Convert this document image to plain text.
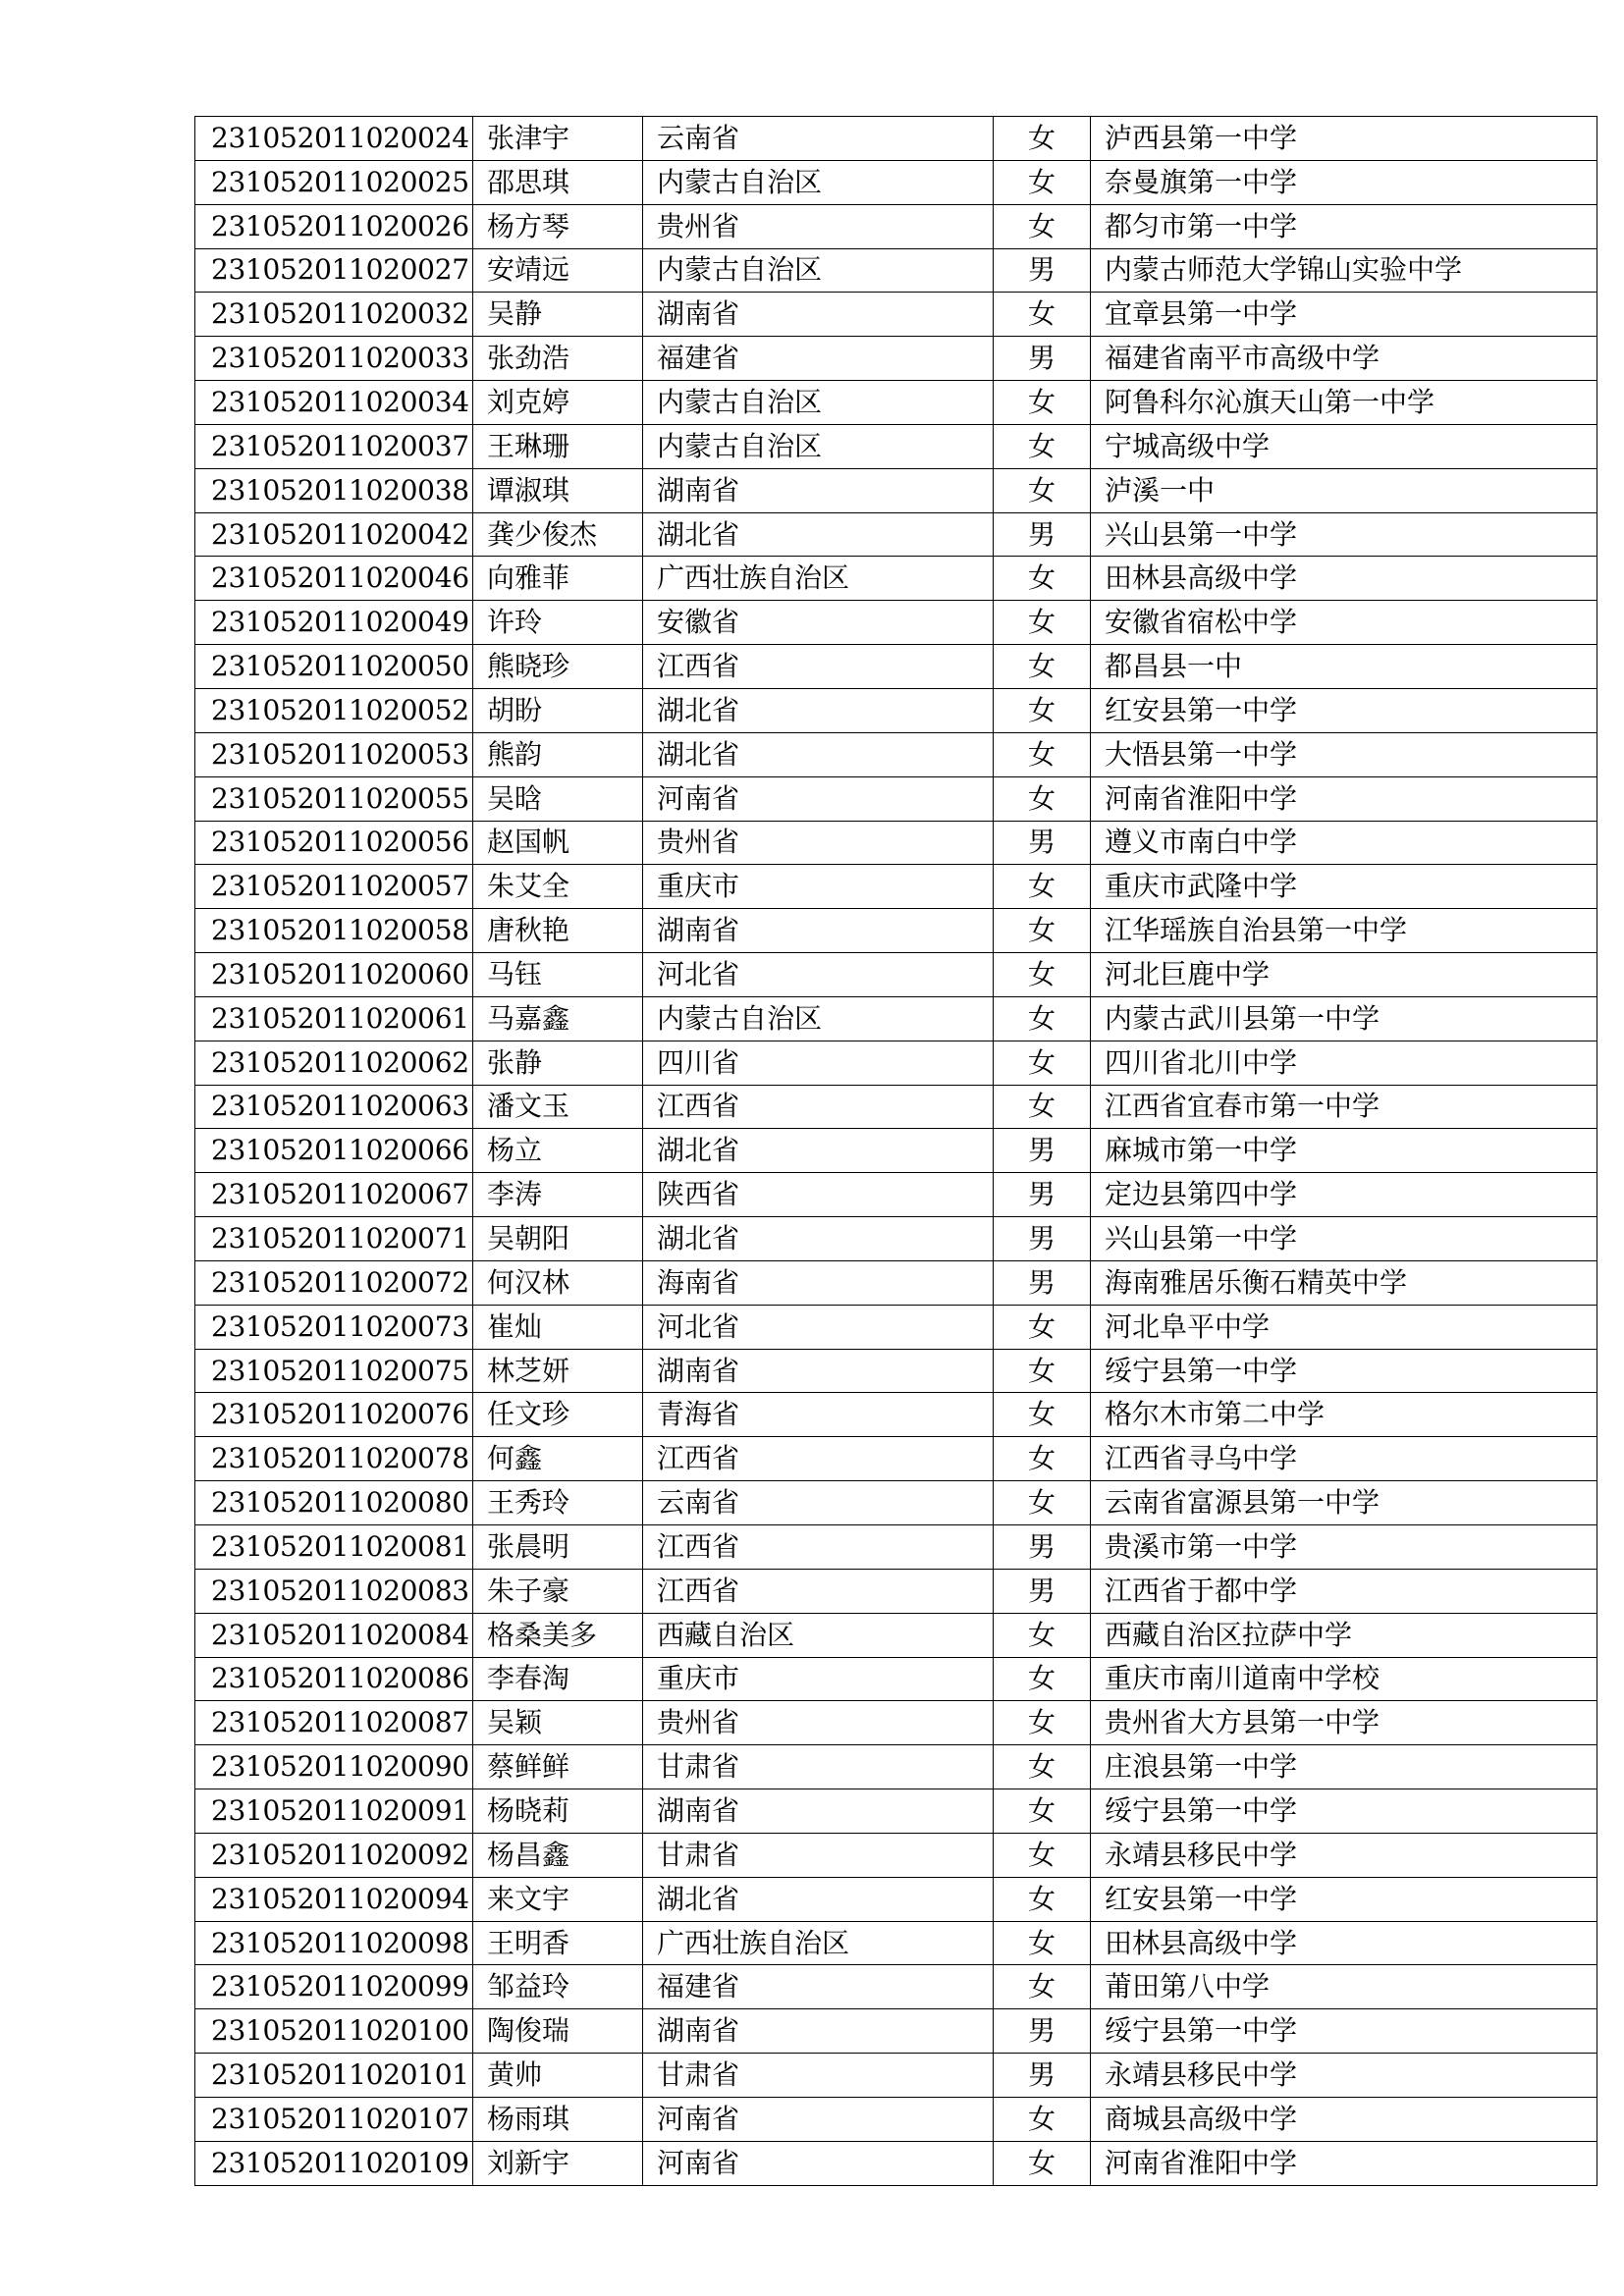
231052011020024	张津宇	云南省	女	泸西县第一中学
231052011020025	邵思琪	内蒙古自治区	女	奈曼旗第一中学
231052011020026	杨方琴	贵州省	女	都匀市第一中学
231052011020027	安靖远	内蒙古自治区	男	内蒙古师范大学锦山实验中学
231052011020032	吴静	湖南省	女	宜章县第一中学
231052011020033	张劲浩	福建省	男	福建省南平市高级中学
231052011020034	刘克婷	内蒙古自治区	女	阿鲁科尔沁旗天山第一中学
231052011020037	王琳珊	内蒙古自治区	女	宁城高级中学
231052011020038	谭淑琪	湖南省	女	泸溪一中
231052011020042	龚少俊杰	湖北省	男	兴山县第一中学
231052011020046	向雅菲	广西壮族自治区	女	田林县高级中学
231052011020049	许玲	安徽省	女	安徽省宿松中学
231052011020050	熊晓珍	江西省	女	都昌县一中
231052011020052	胡盼	湖北省	女	红安县第一中学
231052011020053	熊韵	湖北省	女	大悟县第一中学
231052011020055	吴晗	河南省	女	河南省淮阳中学
231052011020056	赵国帆	贵州省	男	遵义市南白中学
231052011020057	朱艾全	重庆市	女	重庆市武隆中学
231052011020058	唐秋艳	湖南省	女	江华瑶族自治县第一中学
231052011020060	马钰	河北省	女	河北巨鹿中学
231052011020061	马嘉鑫	内蒙古自治区	女	内蒙古武川县第一中学
231052011020062	张静	四川省	女	四川省北川中学
231052011020063	潘文玉	江西省	女	江西省宜春市第一中学
231052011020066	杨立	湖北省	男	麻城市第一中学
231052011020067	李涛	陕西省	男	定边县第四中学
231052011020071	吴朝阳	湖北省	男	兴山县第一中学
231052011020072	何汉林	海南省	男	海南雅居乐衡石精英中学
231052011020073	崔灿	河北省	女	河北阜平中学
231052011020075	林芝妍	湖南省	女	绥宁县第一中学
231052011020076	任文珍	青海省	女	格尔木市第二中学
231052011020078	何鑫	江西省	女	江西省寻乌中学
231052011020080	王秀玲	云南省	女	云南省富源县第一中学
231052011020081	张晨明	江西省	男	贵溪市第一中学
231052011020083	朱子豪	江西省	男	江西省于都中学
231052011020084	格桑美多	西藏自治区	女	西藏自治区拉萨中学
231052011020086	李春淘	重庆市	女	重庆市南川道南中学校
231052011020087	吴颖	贵州省	女	贵州省大方县第一中学
231052011020090	蔡鲜鲜	甘肃省	女	庄浪县第一中学
231052011020091	杨晓莉	湖南省	女	绥宁县第一中学
231052011020092	杨昌鑫	甘肃省	女	永靖县移民中学
231052011020094	来文宇	湖北省	女	红安县第一中学
231052011020098	王明香	广西壮族自治区	女	田林县高级中学
231052011020099	邹益玲	福建省	女	莆田第八中学
231052011020100	陶俊瑞	湖南省	男	绥宁县第一中学
231052011020101	黄帅	甘肃省	男	永靖县移民中学
231052011020107	杨雨琪	河南省	女	商城县高级中学
231052011020109	刘新宇	河南省	女	河南省淮阳中学
